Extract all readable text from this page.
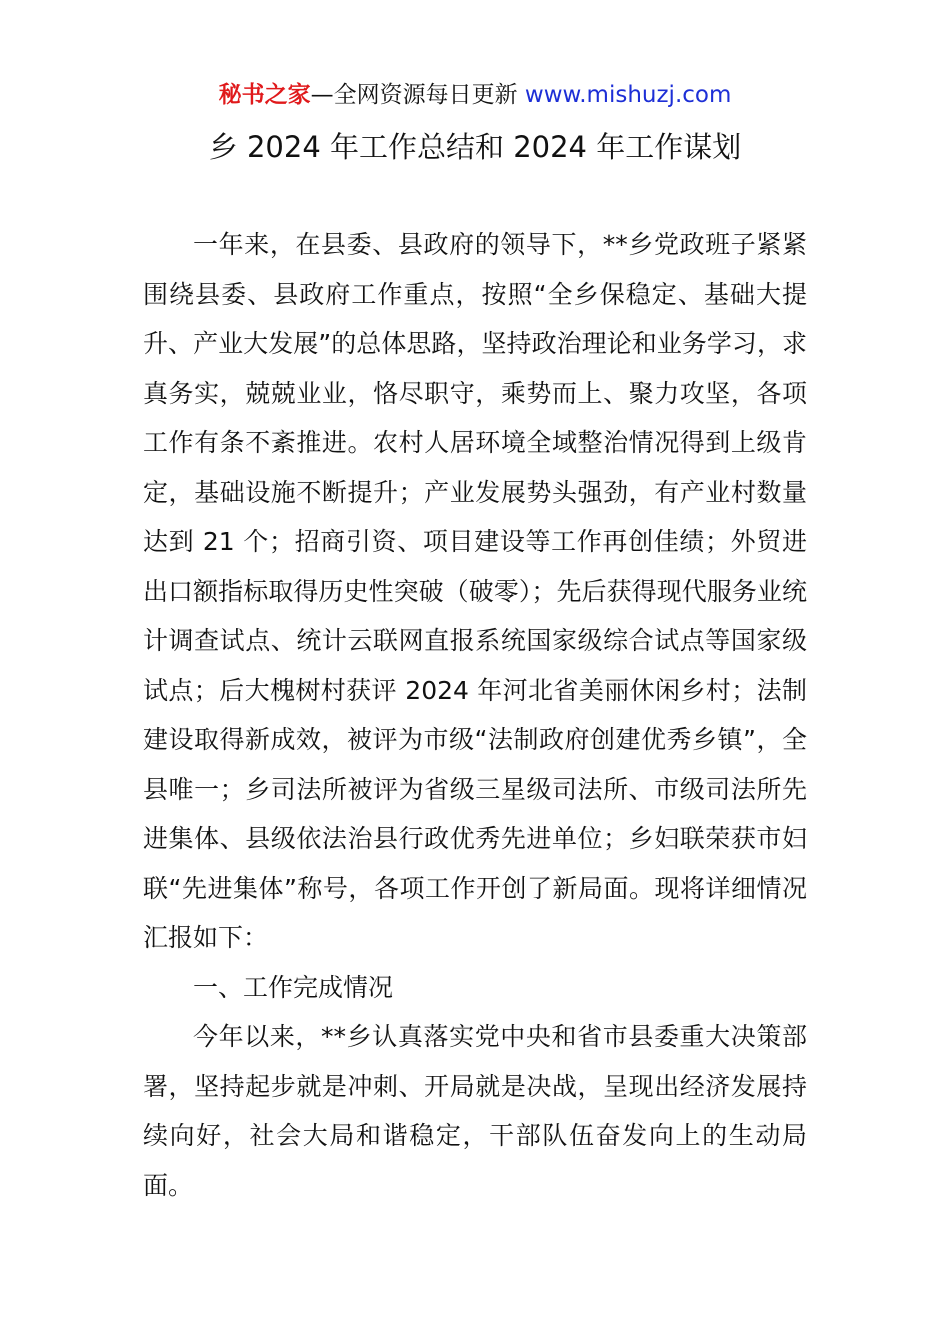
秘书之家—全网资源每日更新 www.mishuzj.com
乡 2024 年工作总结和 2024 年工作谋划

一年来，在县委、县政府的领导下，**乡党政班子紧紧围绕县委、县政府工作重点，按照“全乡保稳定、基础大提升、产业大发展”的总体思路，坚持政治理论和业务学习，求真务实，兢兢业业，恪尽职守，乘势而上、聚力攻坚，各项工作有条不紊推进。农村人居环境全域整治情况得到上级肯定，基础设施不断提升；产业发展势头强劲，有产业村数量达到 21 个；招商引资、项目建设等工作再创佳绩；外贸进出口额指标取得历史性突破（破零）；先后获得现代服务业统计调查试点、统计云联网直报系统国家级综合试点等国家级试点；后大槐树村获评 2024 年河北省美丽休闲乡村；法制建设取得新成效，被评为市级“法制政府创建优秀乡镇”，全县唯一；乡司法所被评为省级三星级司法所、市级司法所先进集体、县级依法治县行政优秀先进单位；乡妇联荣获市妇联“先进集体”称号，各项工作开创了新局面。现将详细情况汇报如下：

一、工作完成情况

今年以来，**乡认真落实党中央和省市县委重大决策部署，坚持起步就是冲刺、开局就是决战，呈现出经济发展持续向好，社会大局和谐稳定，干部队伍奋发向上的生动局面。
